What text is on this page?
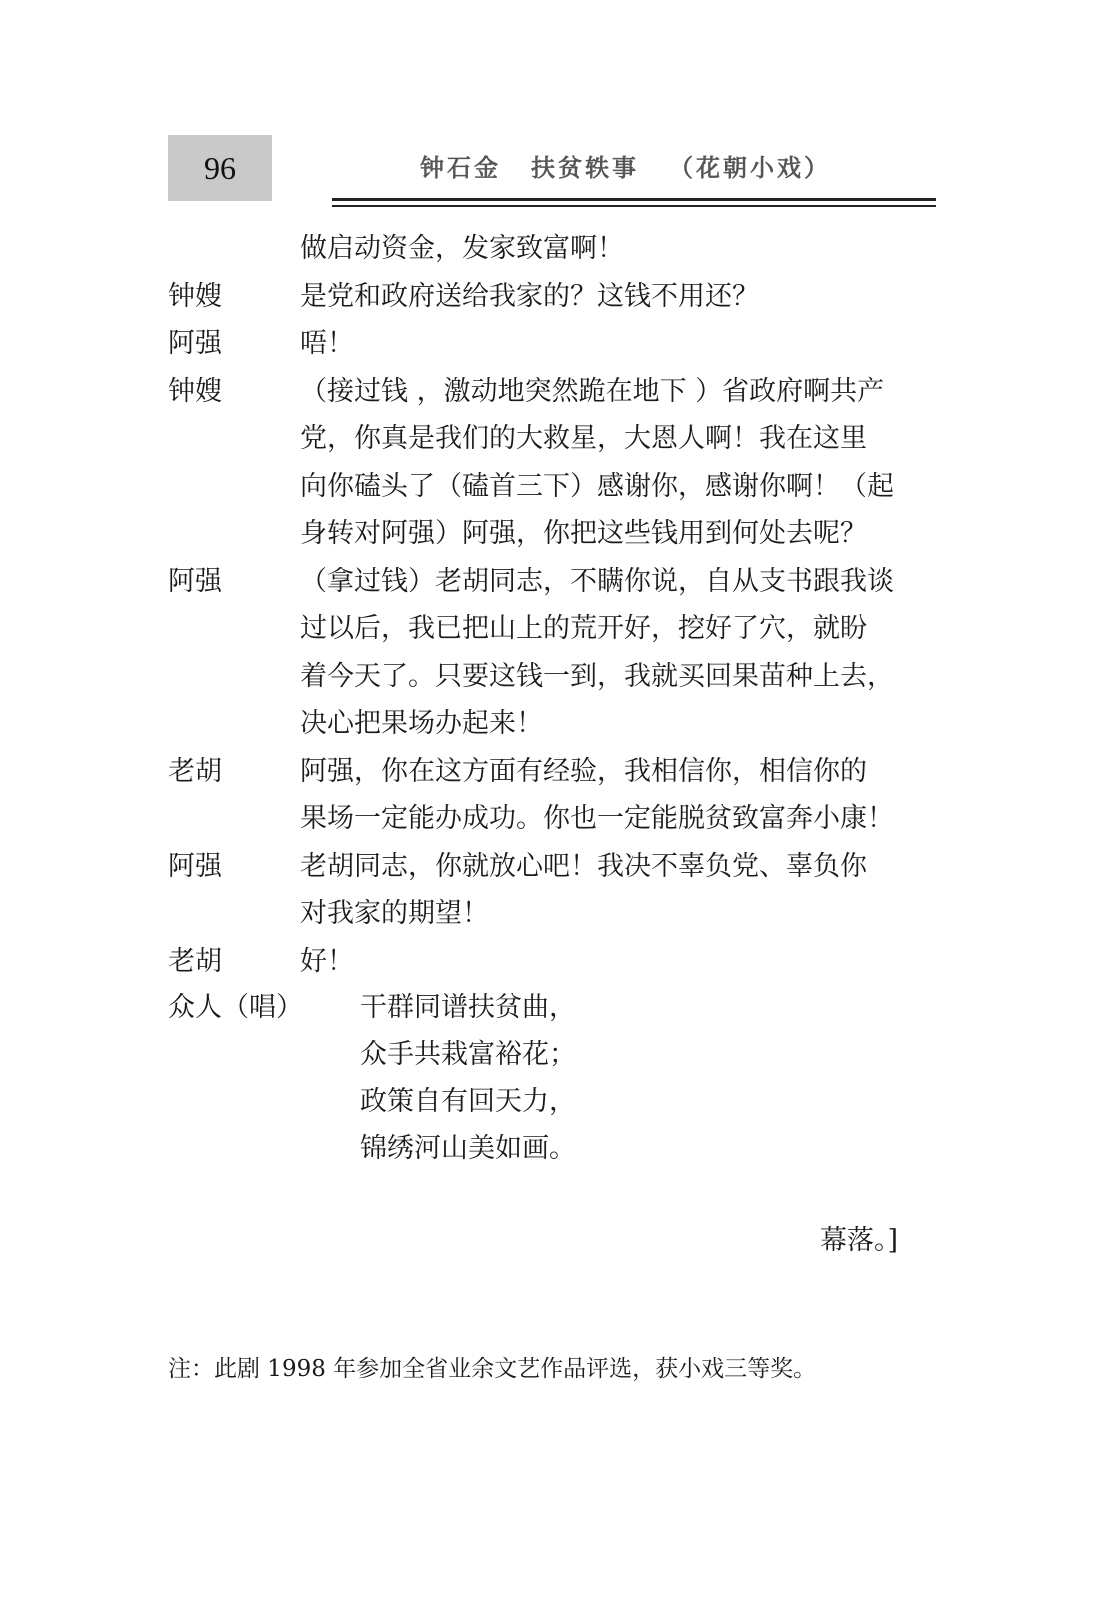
96	钟石金 扶贫轶事 （花朝小戏）
做启动资金，发家致富啊！
钟嫂	是党和政府送给我家的？这钱不用还？
阿强	唔！
钟嫂	（接过钱 ，激动地突然跪在地下 ）省政府啊共产
党，你真是我们的大救星，大恩人啊！我在这里
向你磕头了（磕首三下）感谢你，感谢你啊！（起
身转对阿强）阿强，你把这些钱用到何处去呢？
阿强	（拿过钱）老胡同志，不瞒你说，自从支书跟我谈
过以后，我已把山上的荒开好，挖好了穴，就盼
着今天了。只要这钱一到，我就买回果苗种上去，
决心把果场办起来！
老胡	阿强，你在这方面有经验，我相信你，相信你的
果场一定能办成功。你也一定能脱贫致富奔小康！
阿强	老胡同志，你就放心吧！我决不辜负党、辜负你
对我家的期望！
老胡	好！
众人（唱） 干群同谱扶贫曲，
众手共栽富裕花；
政策自有回天力，
锦绣河山美如画。
幕落。]
注：此剧 1998 年参加全省业余文艺作品评选，获小戏三等奖。
